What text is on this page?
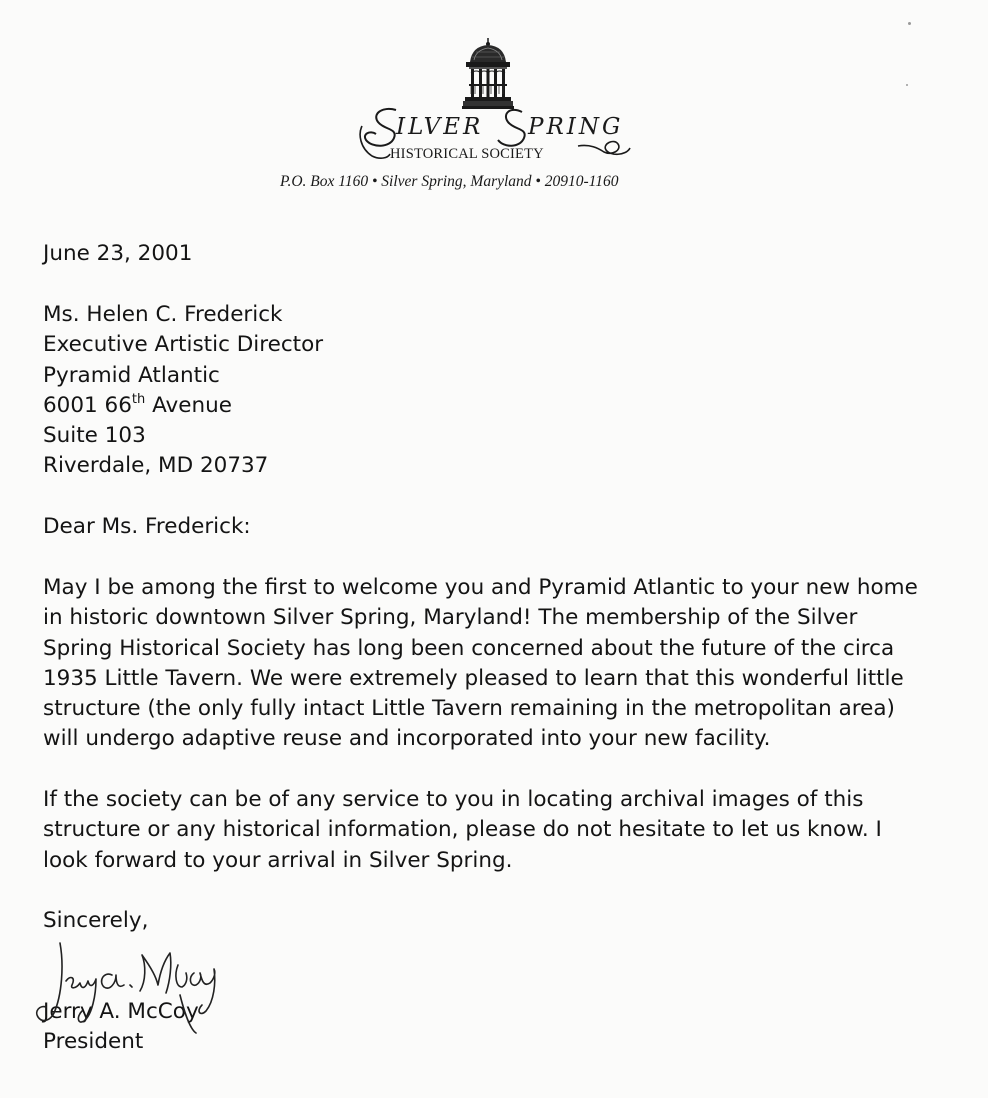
ILVER PRING
HISTORICAL SOCIETY
P.O. Box 1160 • Silver Spring, Maryland • 20910-1160
June 23, 2001
Ms. Helen C. Frederick
Executive Artistic Director
Pyramid Atlantic
6001 66th Avenue
Suite 103
Riverdale, MD 20737
Dear Ms. Frederick:
May I be among the first to welcome you and Pyramid Atlantic to your new home
in historic downtown Silver Spring, Maryland! The membership of the Silver
Spring Historical Society has long been concerned about the future of the circa
1935 Little Tavern. We were extremely pleased to learn that this wonderful little
structure (the only fully intact Little Tavern remaining in the metropolitan area)
will undergo adaptive reuse and incorporated into your new facility.
If the society can be of any service to you in locating archival images of this
structure or any historical information, please do not hesitate to let us know. I
look forward to your arrival in Silver Spring.
Sincerely,
Jerry A. McCoy
President
